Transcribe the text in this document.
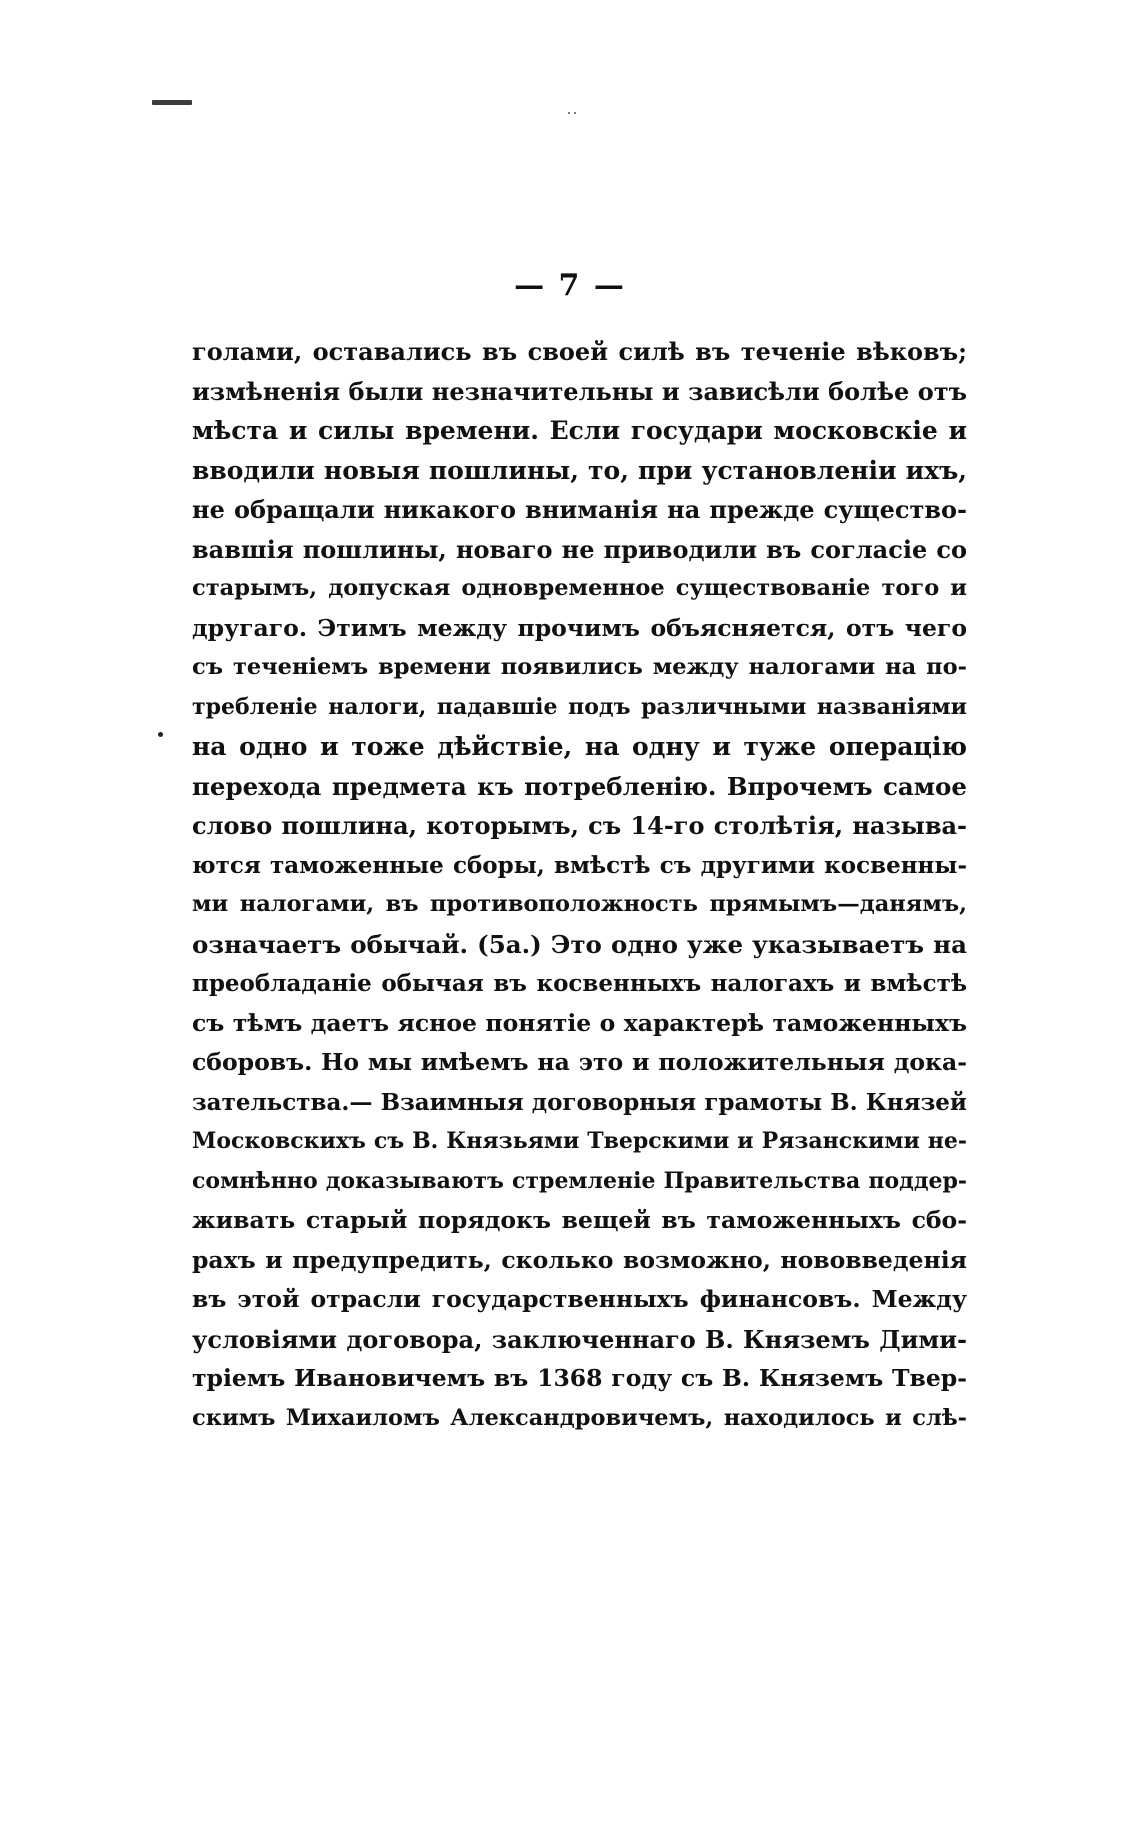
— 7 —
голами, оставались въ своей силѣ въ теченіе вѣковъ;
измѣненія были незначительны и зависѣли болѣе отъ
мѣста и силы времени. Если государи московскіе и
вводили новыя пошлины, то, при установленіи ихъ,
не обращали никакого вниманія на прежде существо-
вавшія пошлины, новаго не приводили въ согласіе со
старымъ, допуская одновременное существованіе того и
другаго. Этимъ между прочимъ объясняется, отъ чего
съ теченіемъ времени появились между налогами на по-
требленіе налоги, падавшіе подъ различными названіями
на одно и тоже дѣйствіе, на одну и туже операцію
перехода предмета къ потребленію. Впрочемъ самое
слово пошлина, которымъ, съ 14-го столѣтія, называ-
ются таможенные сборы, вмѣстѣ съ другими косвенны-
ми налогами, въ противоположность прямымъ—данямъ,
означаетъ обычай. (5а.) Это одно уже указываетъ на
преобладаніе обычая въ косвенныхъ налогахъ и вмѣстѣ
съ тѣмъ даетъ ясное понятіе о характерѣ таможенныхъ
сборовъ. Но мы имѣемъ на это и положительныя дока-
зательства.— Взаимныя договорныя грамоты В. Князей
Московскихъ съ В. Князьями Тверскими и Рязанскими не-
сомнѣнно доказываютъ стремленіе Правительства поддер-
живать старый порядокъ вещей въ таможенныхъ сбо-
рахъ и предупредить, сколько возможно, нововведенія
въ этой отрасли государственныхъ финансовъ. Между
условіями договора, заключеннаго В. Княземъ Дими-
тріемъ Ивановичемъ въ 1368 году съ В. Княземъ Твер-
скимъ Михаиломъ Александровичемъ, находилось и слѣ-
